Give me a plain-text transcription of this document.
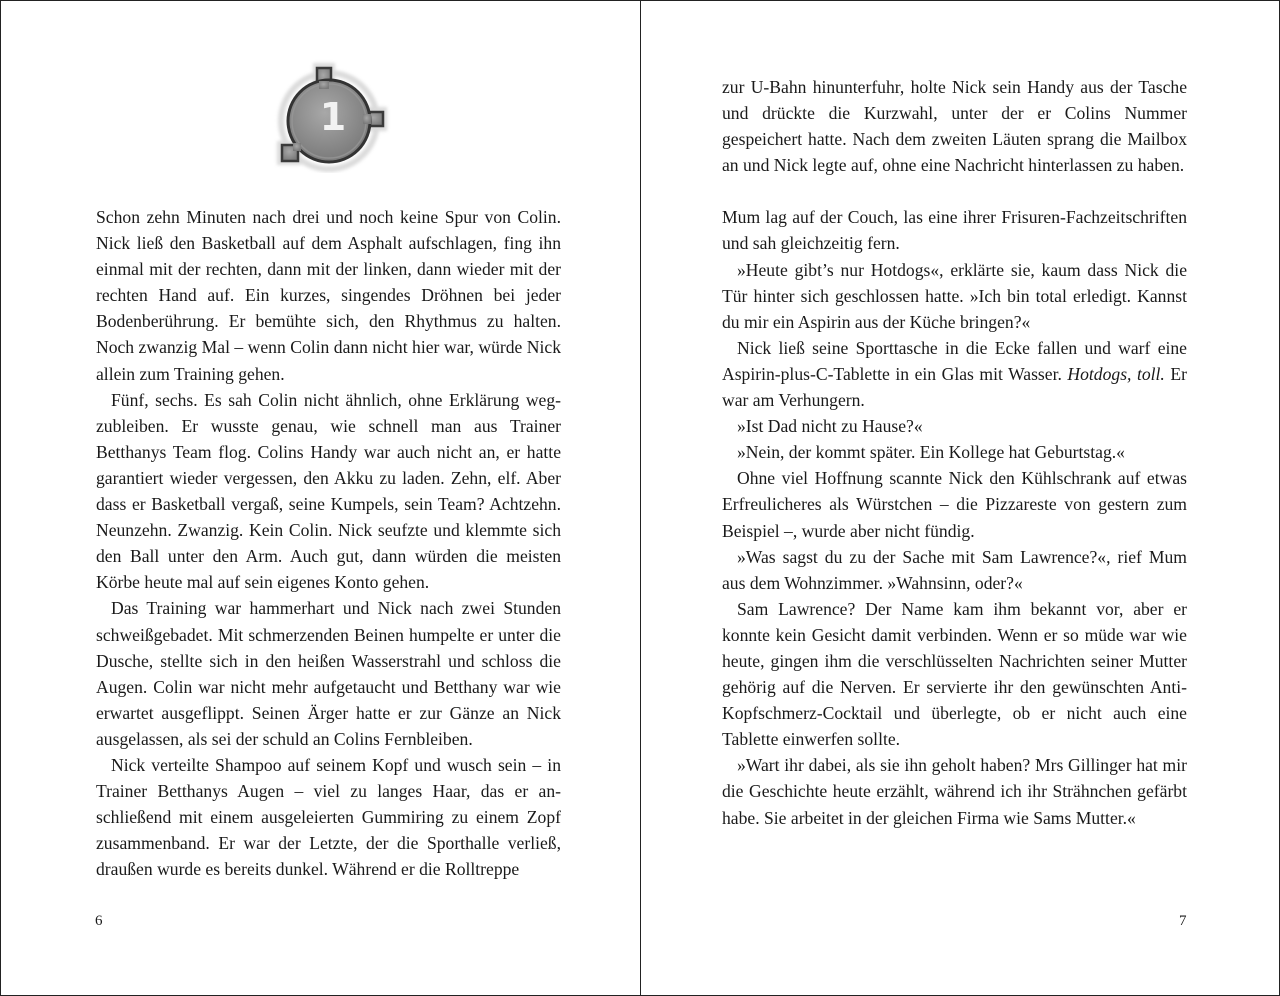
1

Schon zehn Minuten nach drei und noch keine Spur von Colin. Nick ließ den Basketball auf dem Asphalt aufschlagen, fing ihn einmal mit der rechten, dann mit der linken, dann wieder mit der rechten Hand auf. Ein kurzes, singendes Dröhnen bei jeder Bodenberührung. Er bemühte sich, den Rhythmus zu halten. Noch zwanzig Mal – wenn Colin dann nicht hier war, würde Nick allein zum Training gehen.

Fünf, sechs. Es sah Colin nicht ähnlich, ohne Erklärung wegzubleiben. Er wusste genau, wie schnell man aus Trainer Betthanys Team flog. Colins Handy war auch nicht an, er hatte garantiert wieder vergessen, den Akku zu laden. Zehn, elf. Aber dass er Basketball vergaß, seine Kumpels, sein Team? Achtzehn. Neunzehn. Zwanzig. Kein Colin. Nick seufzte und klemmte sich den Ball unter den Arm. Auch gut, dann würden die meisten Körbe heute mal auf sein eigenes Konto gehen.

Das Training war hammerhart und Nick nach zwei Stunden schweißgebadet. Mit schmerzenden Beinen humpelte er unter die Dusche, stellte sich in den heißen Wasserstrahl und schloss die Augen. Colin war nicht mehr aufgetaucht und Betthany war wie erwartet ausgeflippt. Seinen Ärger hatte er zur Gänze an Nick ausgelassen, als sei der schuld an Colins Fernbleiben.

Nick verteilte Shampoo auf seinem Kopf und wusch sein – in Trainer Betthanys Augen – viel zu langes Haar, das er anschließend mit einem ausgeleierten Gummiring zu einem Zopf zusammenband. Er war der Letzte, der die Sporthalle verließ, draußen wurde es bereits dunkel. Während er die Rolltreppe

6

zur U-Bahn hinunterfuhr, holte Nick sein Handy aus der Tasche und drückte die Kurzwahl, unter der er Colins Nummer gespeichert hatte. Nach dem zweiten Läuten sprang die Mailbox an und Nick legte auf, ohne eine Nachricht hinterlassen zu haben.

Mum lag auf der Couch, las eine ihrer Frisuren-Fachzeitschriften und sah gleichzeitig fern.

»Heute gibt’s nur Hotdogs«, erklärte sie, kaum dass Nick die Tür hinter sich geschlossen hatte. »Ich bin total erledigt. Kannst du mir ein Aspirin aus der Küche bringen?«

Nick ließ seine Sporttasche in die Ecke fallen und warf eine Aspirin-plus-C-Tablette in ein Glas mit Wasser. Hotdogs, toll. Er war am Verhungern.

»Ist Dad nicht zu Hause?«

»Nein, der kommt später. Ein Kollege hat Geburtstag.«

Ohne viel Hoffnung scannte Nick den Kühlschrank auf etwas Erfreulicheres als Würstchen – die Pizzareste von gestern zum Beispiel –, wurde aber nicht fündig.

»Was sagst du zu der Sache mit Sam Lawrence?«, rief Mum aus dem Wohnzimmer. »Wahnsinn, oder?«

Sam Lawrence? Der Name kam ihm bekannt vor, aber er konnte kein Gesicht damit verbinden. Wenn er so müde war wie heute, gingen ihm die verschlüsselten Nachrichten seiner Mutter gehörig auf die Nerven. Er servierte ihr den gewünschten Anti-Kopfschmerz-Cocktail und überlegte, ob er nicht auch eine Tablette einwerfen sollte.

»Wart ihr dabei, als sie ihn geholt haben? Mrs Gillinger hat mir die Geschichte heute erzählt, während ich ihr Strähnchen gefärbt habe. Sie arbeitet in der gleichen Firma wie Sams Mutter.«

7
